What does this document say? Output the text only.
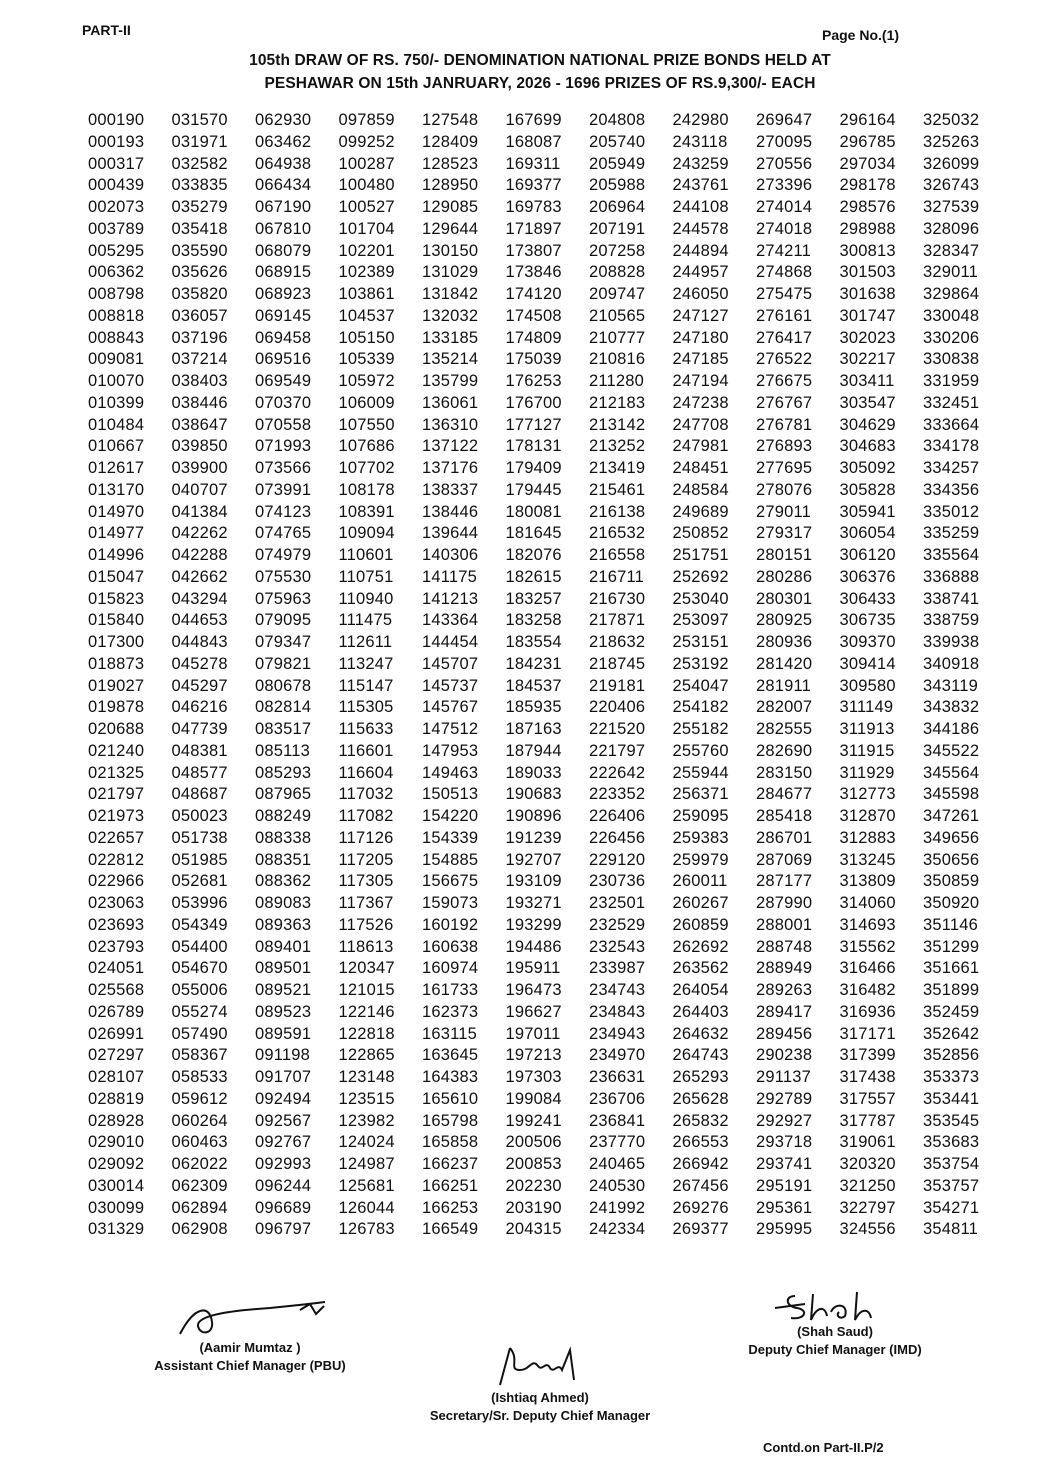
PART-II	Page No.(1)
105th DRAW OF RS. 750/- DENOMINATION NATIONAL PRIZE BONDS HELD AT
PESHAWAR ON 15th JANRUARY, 2026 - 1696 PRIZES OF RS.9,300/- EACH
000190
000193
000317
000439
002073
003789
005295
006362
008798
008818
008843
009081
010070
010399
010484
010667
012617
013170
014970
014977
014996
015047
015823
015840
017300
018873
019027
019878
020688
021240
021325
021797
021973
022657
022812
022966
023063
023693
023793
024051
025568
026789
026991
027297
028107
028819
028928
029010
029092
030014
030099
031329
031570
031971
032582
033835
035279
035418
035590
035626
035820
036057
037196
037214
038403
038446
038647
039850
039900
040707
041384
042262
042288
042662
043294
044653
044843
045278
045297
046216
047739
048381
048577
048687
050023
051738
051985
052681
053996
054349
054400
054670
055006
055274
057490
058367
058533
059612
060264
060463
062022
062309
062894
062908
062930
063462
064938
066434
067190
067810
068079
068915
068923
069145
069458
069516
069549
070370
070558
071993
073566
073991
074123
074765
074979
075530
075963
079095
079347
079821
080678
082814
083517
085113
085293
087965
088249
088338
088351
088362
089083
089363
089401
089501
089521
089523
089591
091198
091707
092494
092567
092767
092993
096244
096689
096797
097859
099252
100287
100480
100527
101704
102201
102389
103861
104537
105150
105339
105972
106009
107550
107686
107702
108178
108391
109094
110601
110751
110940
111475
112611
113247
115147
115305
115633
116601
116604
117032
117082
117126
117205
117305
117367
117526
118613
120347
121015
122146
122818
122865
123148
123515
123982
124024
124987
125681
126044
126783
127548
128409
128523
128950
129085
129644
130150
131029
131842
132032
133185
135214
135799
136061
136310
137122
137176
138337
138446
139644
140306
141175
141213
143364
144454
145707
145737
145767
147512
147953
149463
150513
154220
154339
154885
156675
159073
160192
160638
160974
161733
162373
163115
163645
164383
165610
165798
165858
166237
166251
166253
166549
167699
168087
169311
169377
169783
171897
173807
173846
174120
174508
174809
175039
176253
176700
177127
178131
179409
179445
180081
181645
182076
182615
183257
183258
183554
184231
184537
185935
187163
187944
189033
190683
190896
191239
192707
193109
193271
193299
194486
195911
196473
196627
197011
197213
197303
199084
199241
200506
200853
202230
203190
204315
204808
205740
205949
205988
206964
207191
207258
208828
209747
210565
210777
210816
211280
212183
213142
213252
213419
215461
216138
216532
216558
216711
216730
217871
218632
218745
219181
220406
221520
221797
222642
223352
226406
226456
229120
230736
232501
232529
232543
233987
234743
234843
234943
234970
236631
236706
236841
237770
240465
240530
241992
242334
242980
243118
243259
243761
244108
244578
244894
244957
246050
247127
247180
247185
247194
247238
247708
247981
248451
248584
249689
250852
251751
252692
253040
253097
253151
253192
254047
254182
255182
255760
255944
256371
259095
259383
259979
260011
260267
260859
262692
263562
264054
264403
264632
264743
265293
265628
265832
266553
266942
267456
269276
269377
269647
270095
270556
273396
274014
274018
274211
274868
275475
276161
276417
276522
276675
276767
276781
276893
277695
278076
279011
279317
280151
280286
280301
280925
280936
281420
281911
282007
282555
282690
283150
284677
285418
286701
287069
287177
287990
288001
288748
288949
289263
289417
289456
290238
291137
292789
292927
293718
293741
295191
295361
295995
296164
296785
297034
298178
298576
298988
300813
301503
301638
301747
302023
302217
303411
303547
304629
304683
305092
305828
305941
306054
306120
306376
306433
306735
309370
309414
309580
311149
311913
311915
311929
312773
312870
312883
313245
313809
314060
314693
315562
316466
316482
316936
317171
317399
317438
317557
317787
319061
320320
321250
322797
324556
325032
325263
326099
326743
327539
328096
328347
329011
329864
330048
330206
330838
331959
332451
333664
334178
334257
334356
335012
335259
335564
336888
338741
338759
339938
340918
343119
343832
344186
345522
345564
345598
347261
349656
350656
350859
350920
351146
351299
351661
351899
352459
352642
352856
353373
353441
353545
353683
353754
353757
354271
354811
(Aamir Mumtaz )
Assistant Chief Manager (PBU)
(Ishtiaq Ahmed)
Secretary/Sr. Deputy Chief Manager
(Shah Saud)
Deputy Chief Manager (IMD)
Contd.on Part-II.P/2
